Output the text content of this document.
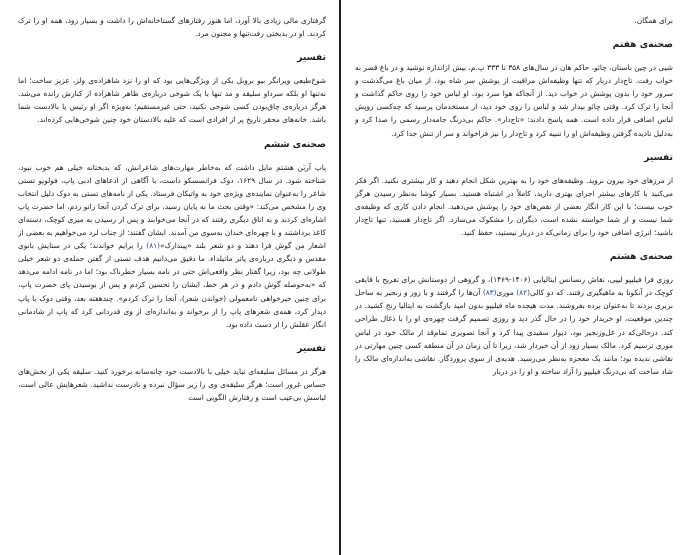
گرفتاری مالی زیادی بالا آورد، اما هنوز رفتارهای گستاخانه‌اش را داشت و بسیار زود، همه او را ترک کردند. او در بدبختی رفت‌تنها و مجنون مرد.

تفسیر

شوخ‌طبعی ویرانگر بیو بروبل یکی از ویژگی‌هایی بود که او را نزد شاهزاده‌ی ولز، عزیز ساخت؛ اما نه‌تنها او بلکه سرداو سلیقه و مد تنها با یک شوخی درباره‌ی ظاهر شاهزاده از کنارش رانده می‌شد. هرگز درباره‌ی چاق‌بودن کسی شوخی نکنید، حتی غیرمستقیم؛ به‌ویژه اگر او رئیس یا بالادست شما باشد. خانه‌های محقر تاریخ پر از افرادی است که علیه بالادستان خود چنین شوخی‌هایی کرده‌اند.

صحنه‌ی ششم

پاپ آربَن هشتم مایل داشت که به‌خاطر مهارت‌های شاعرانش، که بدبختانه خیلی هم خوب نبود، شناخته شود. در سال ۱۶۲۹، دوک فرانسسکو داست، با آگاهی از ادعاهای ادبی پاپ، فولویو تستی شاعر را به‌عنوان نماینده‌ی ویژه‌ی خود به واتیکان فرستاد. یکی از نامه‌های تستی به دوک دلیل انتخاب وی را مشخص می‌کند: «وقتی بحث ما به پایان رسید، برای ترک کردن آنجا زانو زدم، اما حضرت پاپ اشاره‌ای کردند و به اتاق دیگری رفتند که در آنجا می‌خوابند و پس از رسیدن به میزی کوچک، دسته‌ای کاغذ برداشتند و با چهره‌ای خندان به‌سوی من آمدند. ایشان گفتند: از جناب لرد می‌خواهیم به بعضی از اشعار من گوش فرا دهند و دو شعر بلند «پیندارک‌»(۸۱) را برایم خواندند؛ یکی در ستایش بانوی مقدس و دیگری درباره‌ی پاتر ماتیلداء. ما دقیق می‌دانیم هدف تستی از گفتن جمله‌ی دو شعر خیلی طولانی چه بود، زیرا گفتار نظر واقعی‌اش حتی در نامه بسیار خطرناک بود؛ اما در نامه ادامه می‌دهد که «به‌حوصله گوش دادم و در هر خط، ایشان را تحسین کردم و پس از بوسیدن پای حضرت پاپ، برای چنین خیرخواهی نامعمولی (خواندن شعر)، آنجا را ترک کردم». چندهفته بعد، وقتی دوک با پاپ دیدار کرد، همه‌ی شعرهای پاپ را از برخواند و به‌اندازه‌ای از وی قدردانی کرد که پاپ از شادمانی انگار عقلش را از دست داده بود.

تفسیر

هرگز در مسائل سلیقه‌ای نباید خیلی با بالادست خود چانه‌سانه برخورد کنید. سلیقه یکی از بخش‌های حساس غرور است؛ هرگز سلیقه‌ی وی را زیر سؤال نبرده و نادرست نداشید. شعرهایش عالی است، لباسش بی‌عیب است و رفتارش الگویی است

برای همگان.

صحنه‌ی هفتم

شیی در چین باستان، چائو، حاکم هان در سال‌های ۳۵۸ تا ۳۳۳ پ.م، بیش ازاندازه نوشید و در باغ قصر به خواب رفت. تاج‌دار دربار که تنها وظیفه‌اش مراقبت از پوشش سر شاه بود، از میان باغ می‌گذشت و سرور خود را بدون پوشش در خواب دید. از آنجاکه هوا سرد بود، او لباس خود را روی حاکم گذاشت و آنجا را ترک کرد. وقتی چائو بیدار شد و لباس را روی خود دید، از مستخدمان پرسید که چه‌کسی روپش لباس اضافی قرار داده است. همه پاسخ دادند: «تاج‌دار». حاکم بی‌درنگ جامه‌دار رسمی را صدا کرد و به‌دلیل نادیده گرفتن وظیفه‌اش او را تنبیه کرد و تاج‌دار را نیز فراخواند و سر از تنش جدا کرد.

تفسیر

از مرزهای خود بیرون نروید. وظیفه‌های خود را به بهترین شکل انجام دهید و کار بیشتری نکنید. اگر فکر می‌کنید با کارهای بیشتر اجرای بهتری دارید، کاملاً در اشتباه هستید. بسیار کوشا به‌نظر رسیدن هرگز خوب نیست؛ با این کار انگار بعضی از نقص‌های خود را پوشش می‌دهید. انجام دادن کاری که وظیفه‌ی شما نیست و از شما خواسته نشده است، دیگران را مشکوک می‌سازد. اگر تاج‌دار هستید، تنها تاج‌دار باشید؛ انرژی اضافی خود را برای زمانی‌که در دربار نیستید، حفظ کنید.

صحنه‌ی هشتم

روزی فرا فیلیپو لیپی، نقاش رنسانس ایتالیایی (۱۴۰۶-۱۴۶۹)، و گروهی از دوستانش برای تفریح با قایقی کوچک در آنکونا به ماهیگیری رفتند. که دو کالی(۸۲) موری(۸۳) آن‌ها را گرفتند و با زور و زنجیر به ساحل بربری بردند تا به‌عنوان برده بفروشند. مدت هیجده ماه فیلیپو بدون امید بازگشت به ایتالیا رنج کشید. در چندین موقعیت، او خریدار خود را در حال گذر دید و روزی تصمیم گرفت چهره‌ی او را با ذغال طراحی کند. درحالی‌که در غل‌وزنجیر بود، دیوار سفیدی پیدا کرد و آنجا تصویری تمام‌قد از مالک خود در لباس موری ترسیم کرد. مالک بسیار زود از آن خبردار شد، زیرا تا آن زمان در آن منطقه کسی چنین مهارتی در نقاشی ندیده بود؛ مانند یک معجزه به‌نظر می‌رسید. هدیه‌ی از سوی پروردگار. نقاشی به‌اندازه‌ای مالک را شاد ساخت که بی‌درنگ فیلیپو را آزاد ساخته و او را در دربار
